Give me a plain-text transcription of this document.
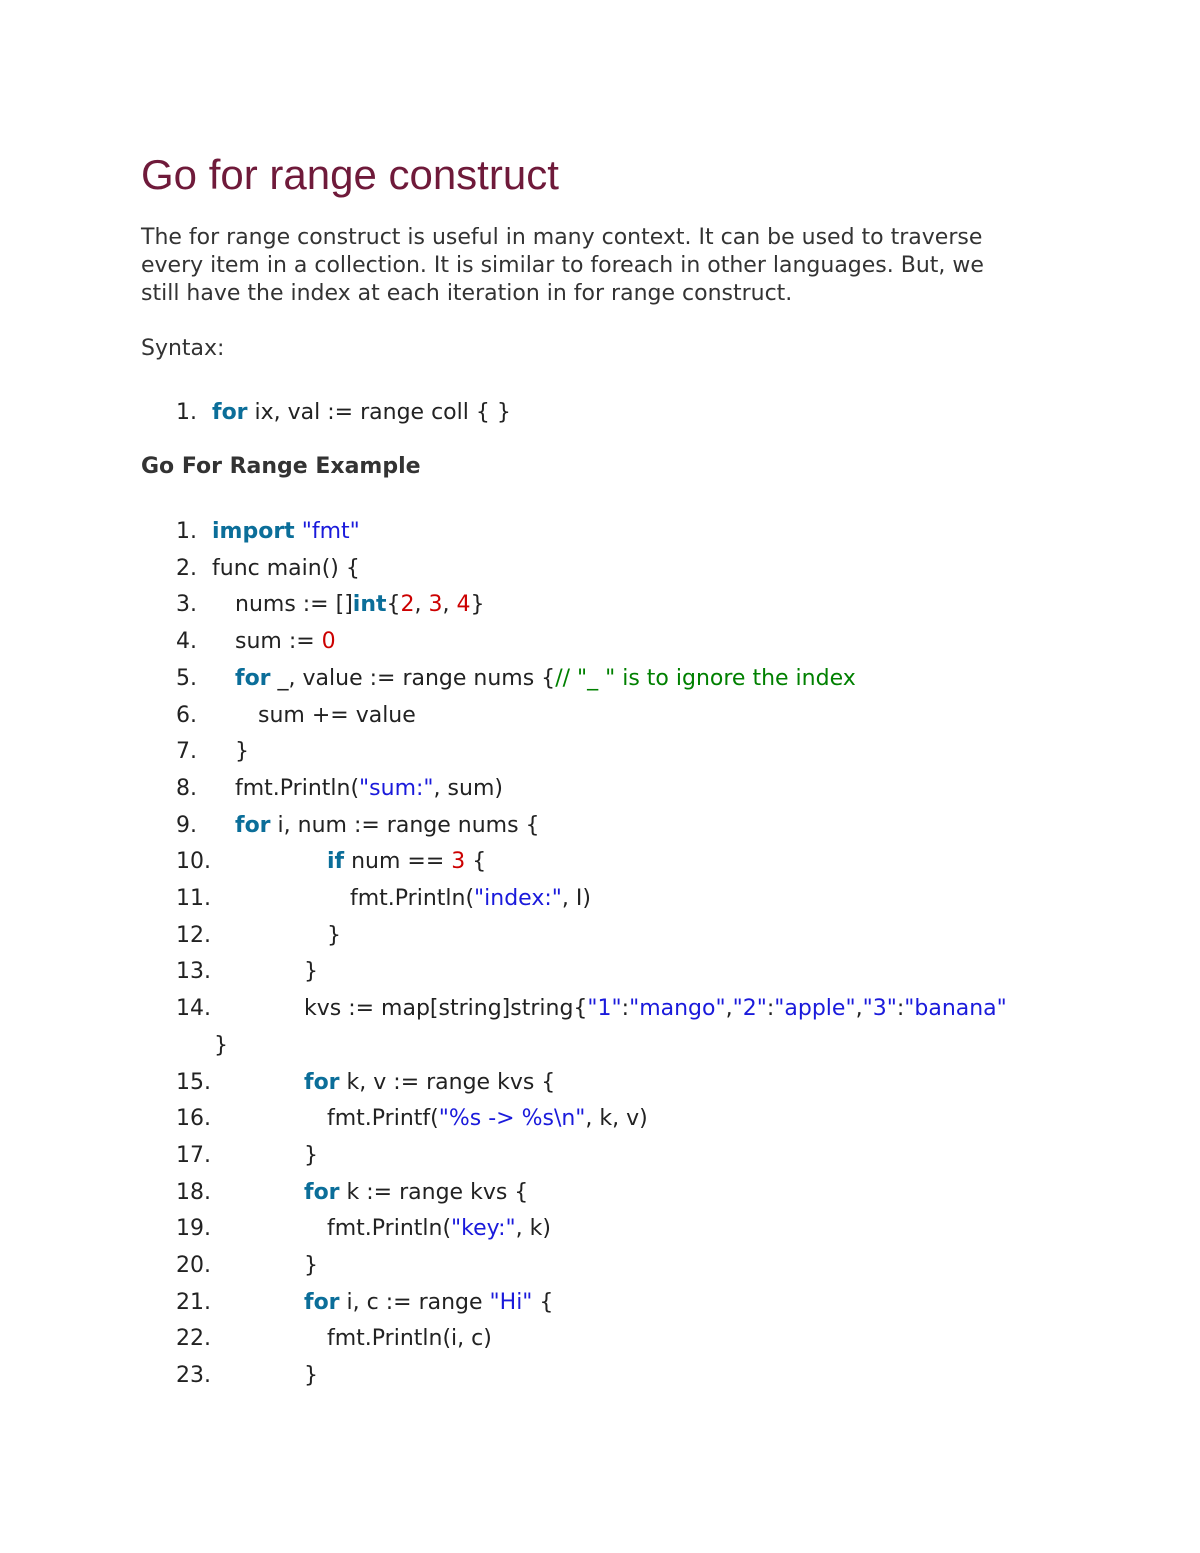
Go for range construct
The for range construct is useful in many context. It can be used to traverse
every item in a collection. It is similar to foreach in other languages. But, we
still have the index at each iteration in for range construct.
Syntax:
1. for ix, val := range coll { }
Go For Range Example
1. import "fmt"
2. func main() {
3. nums := []int{2, 3, 4}
4. sum := 0
5. for _, value := range nums {// "_ " is to ignore the index
6.	sum += value
7. }
8. fmt.Println("sum:", sum)
9. for i, num := range nums {
10.	if num == 3 {
11.	fmt.Println("index:", I)
12.	}
13.	}
14.	kvs := map[string]string{"1":"mango","2":"apple","3":"banana"
}
15.	for k, v := range kvs {
16.	fmt.Printf("%s -> %s\n", k, v)
17.	}
18.	for k := range kvs {
19.	fmt.Println("key:", k)
20.	}
21.	for i, c := range "Hi" {
22.	fmt.Println(i, c)
23.	}
